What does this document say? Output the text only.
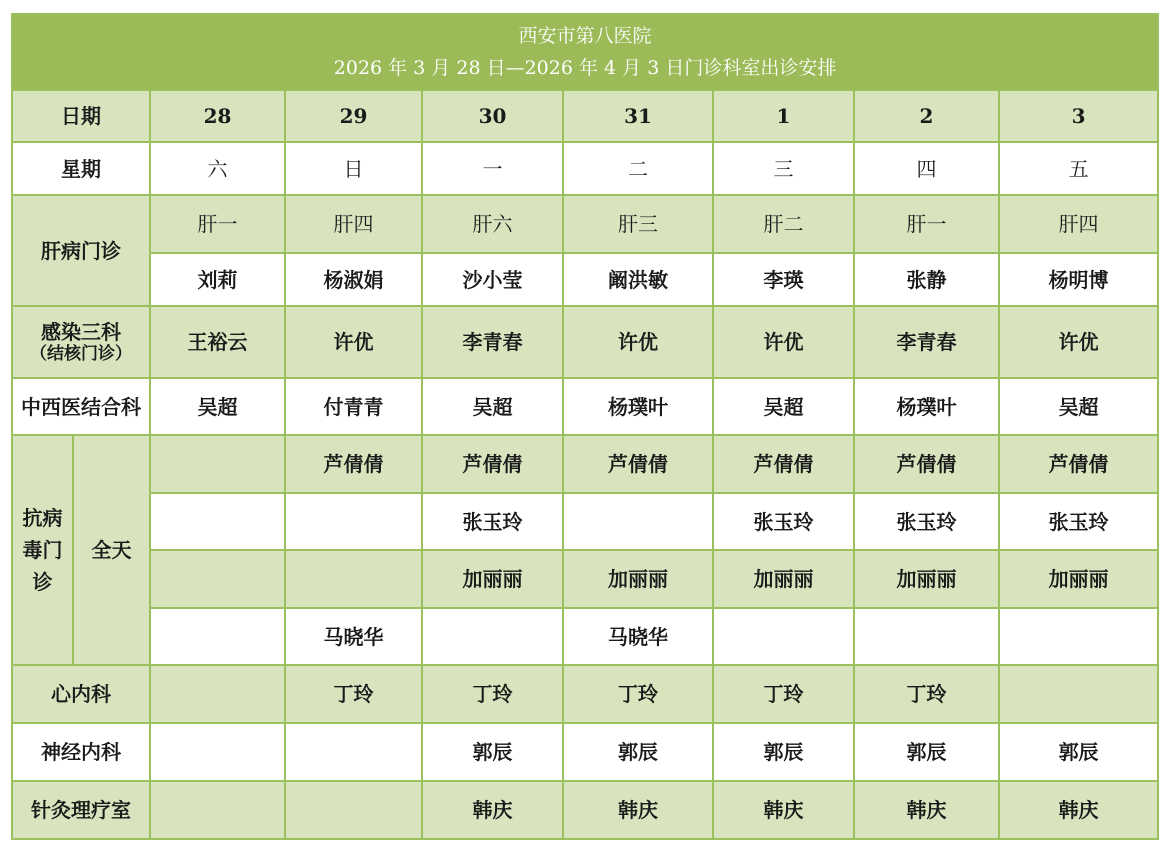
西安市第八医院
2026 年 3 月 28 日—2026 年 4 月 3 日门诊科室出诊安排								

日期		28	29	30	31	1	2	3
星期		六	日	一	二	三	四	五
肝病门诊		肝一	肝四	肝六	肝三	肝二	肝一	肝四
		刘莉	杨淑娟	沙小莹	阚洪敏	李瑛	张静	杨明博

感染三科
（结核门诊）		王裕云	许优	李青春	许优	许优	李青春	许优
中西医结合科		吴超	付青青	吴超	杨璞叶	吴超	杨璞叶	吴超
抗病毒门诊	全天		芦倩倩	芦倩倩	芦倩倩	芦倩倩	芦倩倩	芦倩倩
				张玉玲		张玉玲	张玉玲	张玉玲
				加丽丽	加丽丽	加丽丽	加丽丽	加丽丽
			马晓华		马晓华			
心内科			丁玲	丁玲	丁玲	丁玲	丁玲	
神经内科				郭辰	郭辰	郭辰	郭辰	郭辰
针灸理疗室				韩庆	韩庆	韩庆	韩庆	韩庆
